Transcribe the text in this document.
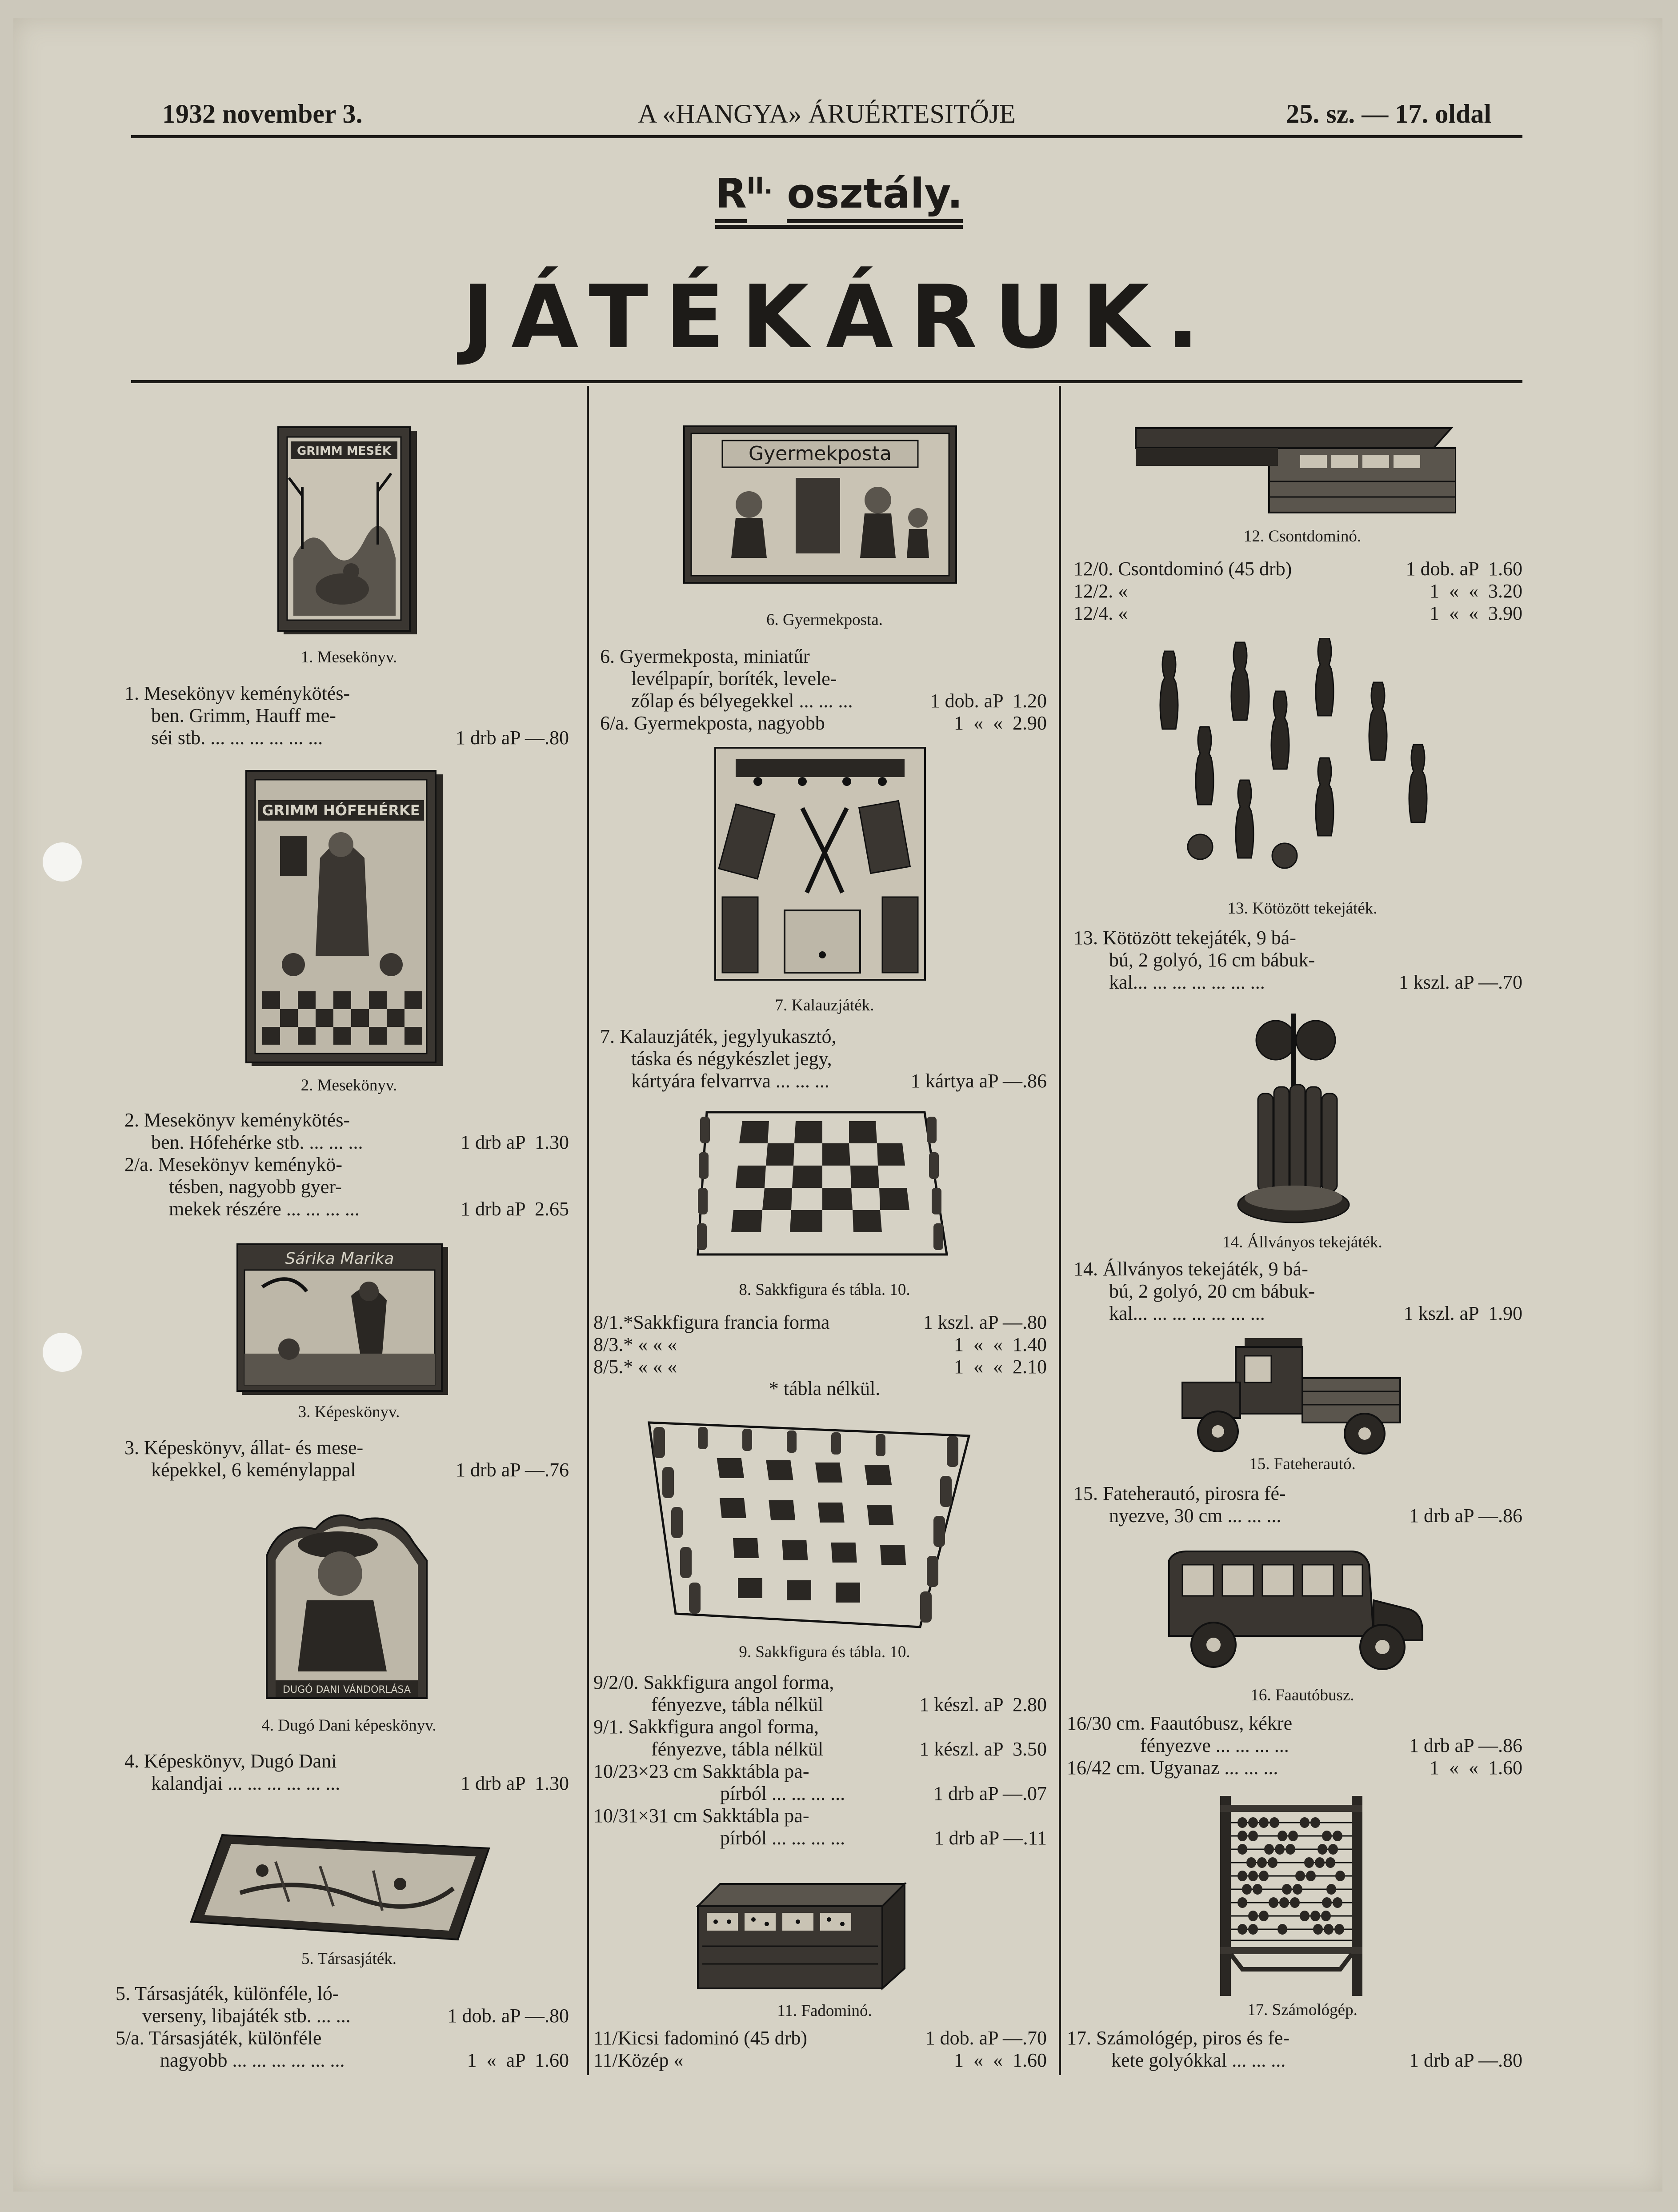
1932 november 3.	A «HANGYA» ÁRUÉRTESITŐJE	25. sz. — 17. oldal
$R^{II.}$ osztály.
JÁTÉKÁRUK.
GRIMM MESÉK
1. Mesekönyv.
1. Mesekönyv keménykötés-
ben. Grimm, Hauff me-
séi stb. ... ... ... ... ... ...	1 drb aP —.80
GRIMM HÓFEHÉRKE
2. Mesekönyv.
2. Mesekönyv keménykötés-
ben. Hófehérke stb. ... ... ...	1 drb aP  1.30
2/a. Mesekönyv keménykö-
tésben, nagyobb gyer-
mekek részére ... ... ... ...	1 drb aP  2.65
Sárika Marika
3. Képeskönyv.
3. Képeskönyv, állat- és mese-
képekkel, 6 keménylappal	1 drb aP —.76
DUGÓ DANI VÁNDORLÁSA
4. Dugó Dani képeskönyv.
4. Képeskönyv, Dugó Dani
kalandjai ... ... ... ... ... ...	1 drb aP  1.30
5. Társasjáték.
5. Társasjáték, különféle, ló-
verseny, libajáték stb. ... ...	1 dob. aP —.80
5/a. Társasjáték, különféle
nagyobb ... ... ... ... ... ...	1  «  aP  1.60
Gyermekposta
6. Gyermekposta.
6. Gyermekposta, miniatűr
levélpapír, boríték, levele-
zőlap és bélyegekkel ... ... ...	1 dob. aP  1.20
6/a. Gyermekposta, nagyobb	1  «  «  2.90
7. Kalauzjáték.
7. Kalauzjáték, jegylyukasztó,
táska és négykészlet jegy,
kártyára felvarrva ... ... ...	1 kártya aP —.86
8. Sakkfigura és tábla. 10.
8/1.*Sakkfigura francia forma	1 kszl. aP —.80
8/3.* « « «	1  «  «  1.40
8/5.* « « «	1  «  «  2.10
* tábla nélkül.
9. Sakkfigura és tábla. 10.
9/2/0. Sakkfigura angol forma,
fényezve, tábla nélkül	1 készl. aP  2.80
9/1. Sakkfigura angol forma,
fényezve, tábla nélkül	1 készl. aP  3.50
10/23×23 cm Sakktábla pa-
pírból ... ... ... ...	1 drb aP —.07
10/31×31 cm Sakktábla pa-
pírból ... ... ... ...	1 drb aP —.11
11. Fadominó.
11/Kicsi fadominó (45 drb)	1 dob. aP —.70
11/Közép «	1  «  «  1.60
12. Csontdominó.
12/0. Csontdominó (45 drb)	1 dob. aP  1.60
12/2. «	1  «  «  3.20
12/4. «	1  «  «  3.90
13. Kötözött tekejáték.
13. Kötözött tekejáték, 9 bá-
bú, 2 golyó, 16 cm bábuk-
kal... ... ... ... ... ... ...	1 kszl. aP —.70
14. Állványos tekejáték.
14. Állványos tekejáték, 9 bá-
bú, 2 golyó, 20 cm bábuk-
kal... ... ... ... ... ... ...	1 kszl. aP  1.90
15. Fateherautó.
15. Fateherautó, pirosra fé-
nyezve, 30 cm ... ... ...	1 drb aP —.86
16. Faautóbusz.
16/30 cm. Faautóbusz, kékre
fényezve ... ... ... ...	1 drb aP —.86
16/42 cm. Ugyanaz ... ... ...	1  «  «  1.60
17. Számológép.
17. Számológép, piros és fe-
kete golyókkal ... ... ...	1 drb aP —.80
